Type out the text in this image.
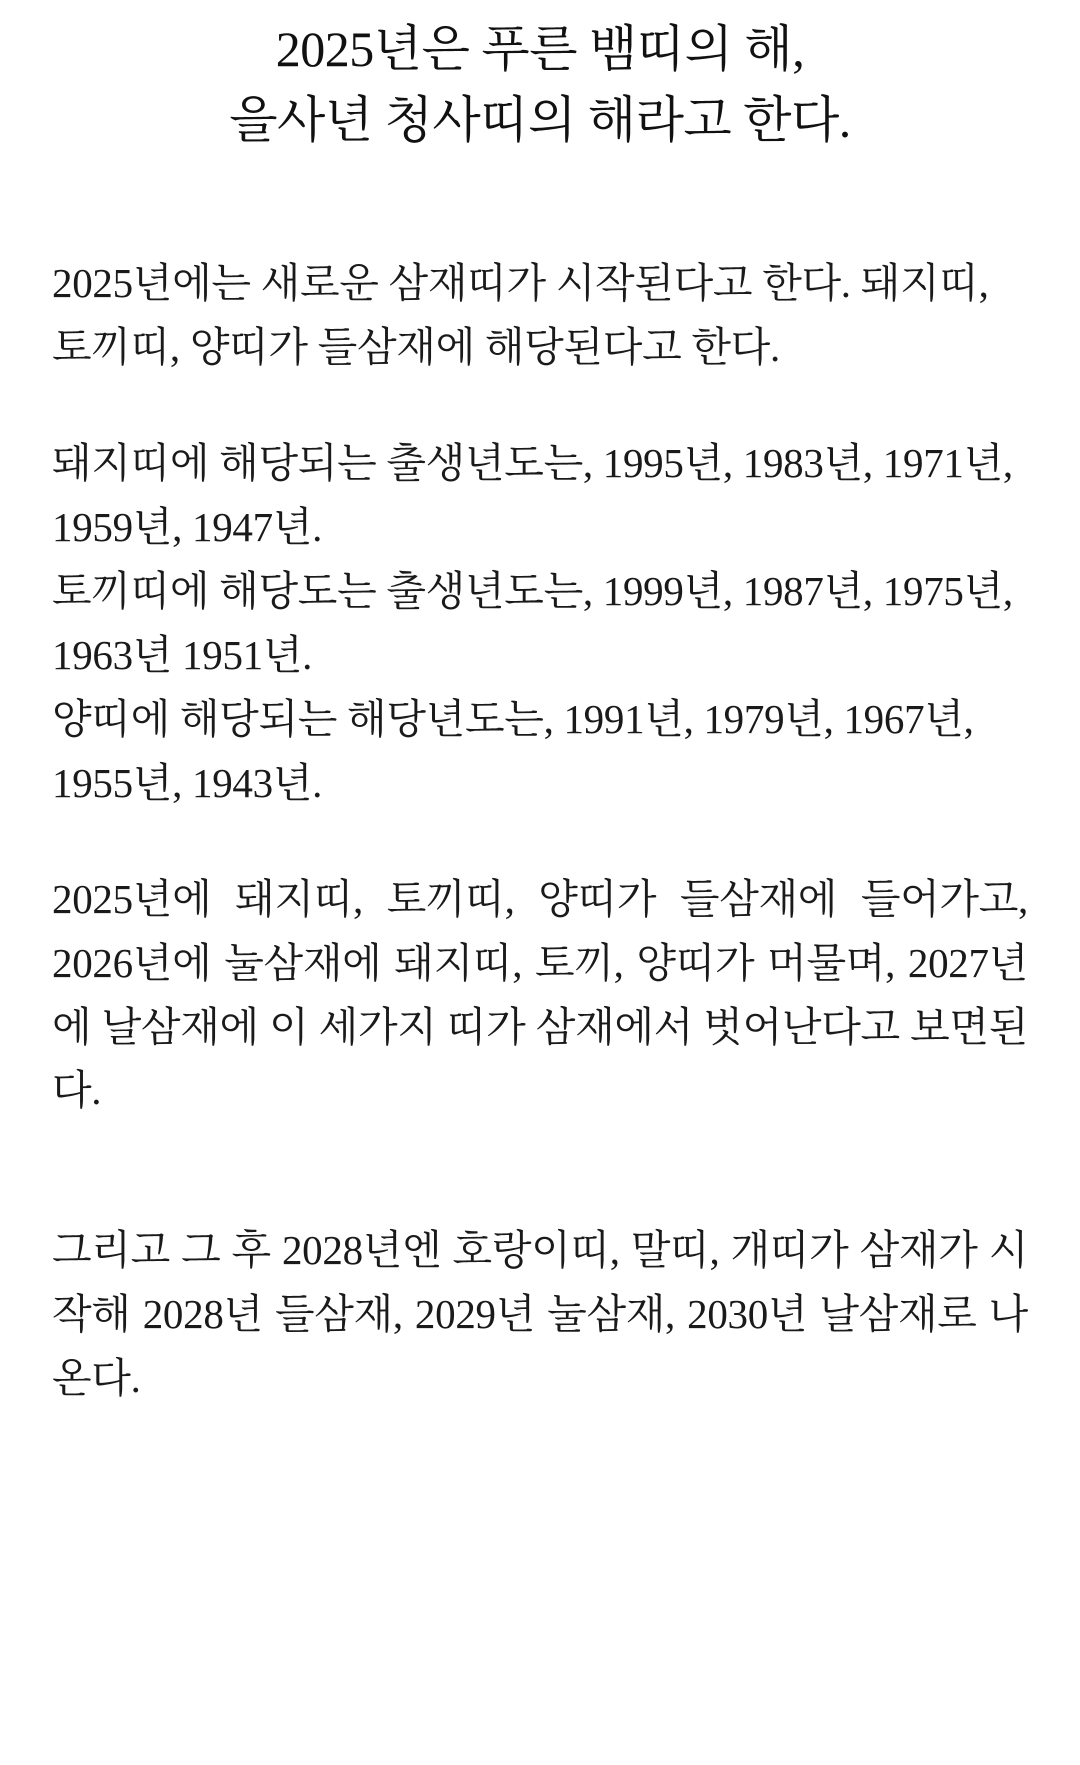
2025년은 푸른 뱀띠의 해,
을사년 청사띠의 해라고 한다.

2025년에는 새로운 삼재띠가 시작된다고 한다. 돼지띠, 토끼띠, 양띠가 들삼재에 해당된다고 한다.

돼지띠에 해당되는 출생년도는, 1995년, 1983년, 1971년, 1959년, 1947년.

토끼띠에 해당도는 출생년도는, 1999년, 1987년, 1975년, 1963년 1951년.

양띠에 해당되는 해당년도는, 1991년, 1979년, 1967년, 1955년, 1943년.

2025년에 돼지띠, 토끼띠, 양띠가 들삼재에 들어가고, 2026년에 눌삼재에 돼지띠, 토끼, 양띠가 머물며, 2027년에 날삼재에 이 세가지 띠가 삼재에서 벗어난다고 보면된다.

그리고 그 후 2028년엔 호랑이띠, 말띠, 개띠가 삼재가 시작해 2028년 들삼재, 2029년 눌삼재, 2030년 날삼재로 나온다.
